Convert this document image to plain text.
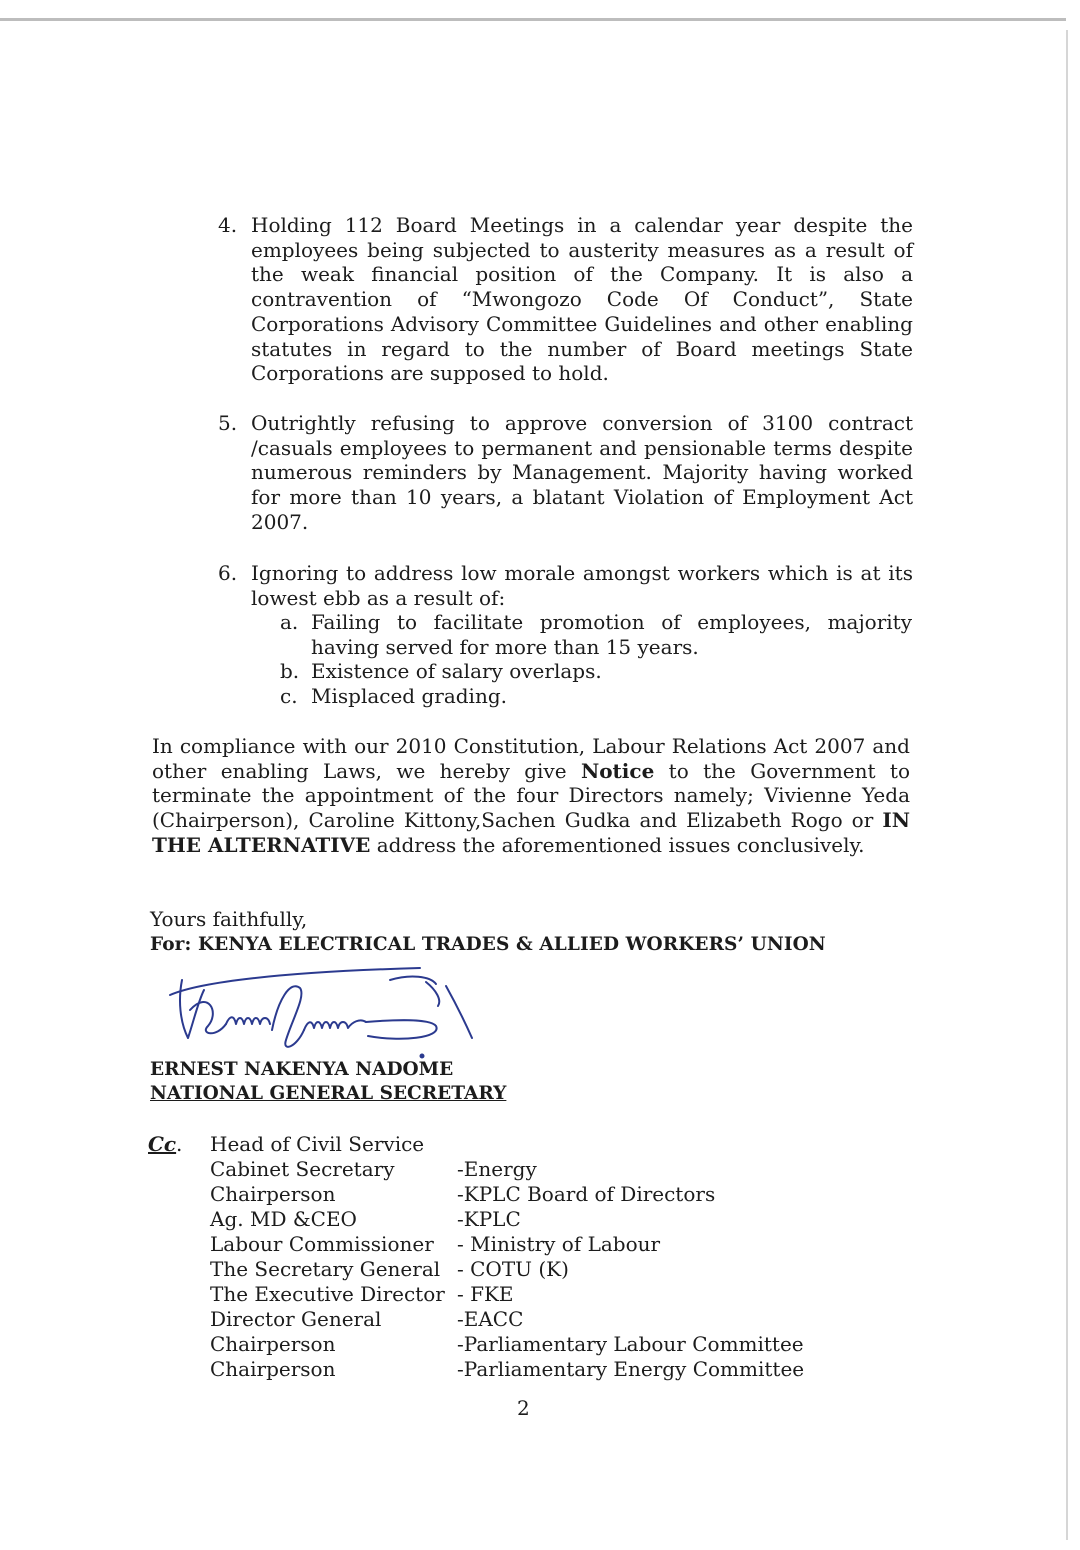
4. Holding 112 Board Meetings in a calendar year despite the employees being subjected to austerity measures as a result of the weak financial position of the Company. It is also a contravention of “Mwongozo Code Of Conduct”, State Corporations Advisory Committee Guidelines and other enabling statutes in regard to the number of Board meetings State Corporations are supposed to hold.
5. Outrightly refusing to approve conversion of 3100 contract /casuals employees to permanent and pensionable terms despite numerous reminders by Management. Majority having worked for more than 10 years, a blatant Violation of Employment Act 2007.
6. Ignoring to address low morale amongst workers which is at its lowest ebb as a result of:
a. Failing to facilitate promotion of employees, majority having served for more than 15 years.
b. Existence of salary overlaps.
c. Misplaced grading.
In compliance with our 2010 Constitution, Labour Relations Act 2007 and other enabling Laws, we hereby give Notice to the Government to terminate the appointment of the four Directors namely; Vivienne Yeda (Chairperson), Caroline Kittony,Sachen Gudka and Elizabeth Rogo or IN THE ALTERNATIVE address the aforementioned issues conclusively.
Yours faithfully,
For: KENYA ELECTRICAL TRADES & ALLIED WORKERS’ UNION
ERNEST NAKENYA NADOME
NATIONAL GENERAL SECRETARY
Cc . Head of Civil Service
Cabinet Secretary	-Energy
Chairperson	-KPLC Board of Directors
Ag. MD &CEO	-KPLC
Labour Commissioner - Ministry of Labour
The Secretary General - COTU (K)
The Executive Director - FKE
Director General	-EACC
Chairperson	-Parliamentary Labour Committee
Chairperson	-Parliamentary Energy Committee
2
